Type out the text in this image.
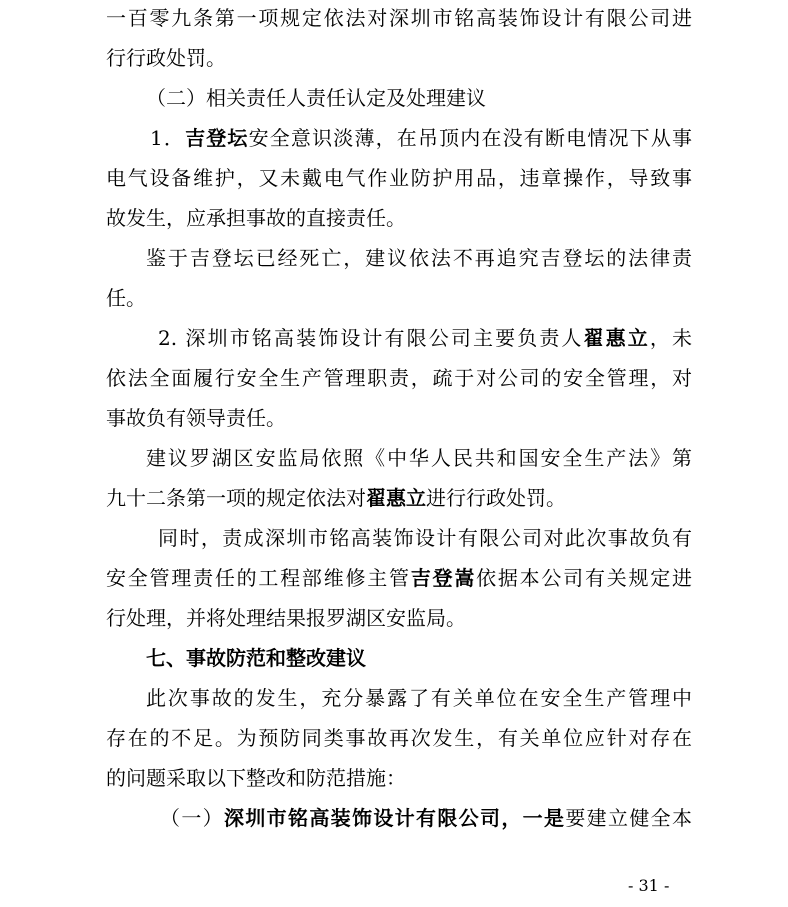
一百零九条第一项规定依法对深圳市铭高装饰设计有限公司进
行行政处罚。
（二）相关责任人责任认定及处理建议
1．吉登坛安全意识淡薄，在吊顶内在没有断电情况下从事
电气设备维护，又未戴电气作业防护用品，违章操作，导致事
故发生，应承担事故的直接责任。
鉴于吉登坛已经死亡，建议依法不再追究吉登坛的法律责
任。
2. 深圳市铭高装饰设计有限公司主要负责人翟惠立，未
依法全面履行安全生产管理职责，疏于对公司的安全管理，对
事故负有领导责任。
建议罗湖区安监局依照《中华人民共和国安全生产法》第
九十二条第一项的规定依法对翟惠立进行行政处罚。
同时，责成深圳市铭高装饰设计有限公司对此次事故负有
安全管理责任的工程部维修主管吉登嵩依据本公司有关规定进
行处理，并将处理结果报罗湖区安监局。
七、事故防范和整改建议
此次事故的发生，充分暴露了有关单位在安全生产管理中
存在的不足。为预防同类事故再次发生，有关单位应针对存在
的问题采取以下整改和防范措施：
（一）深圳市铭高装饰设计有限公司，一是要建立健全本
- 31 -
